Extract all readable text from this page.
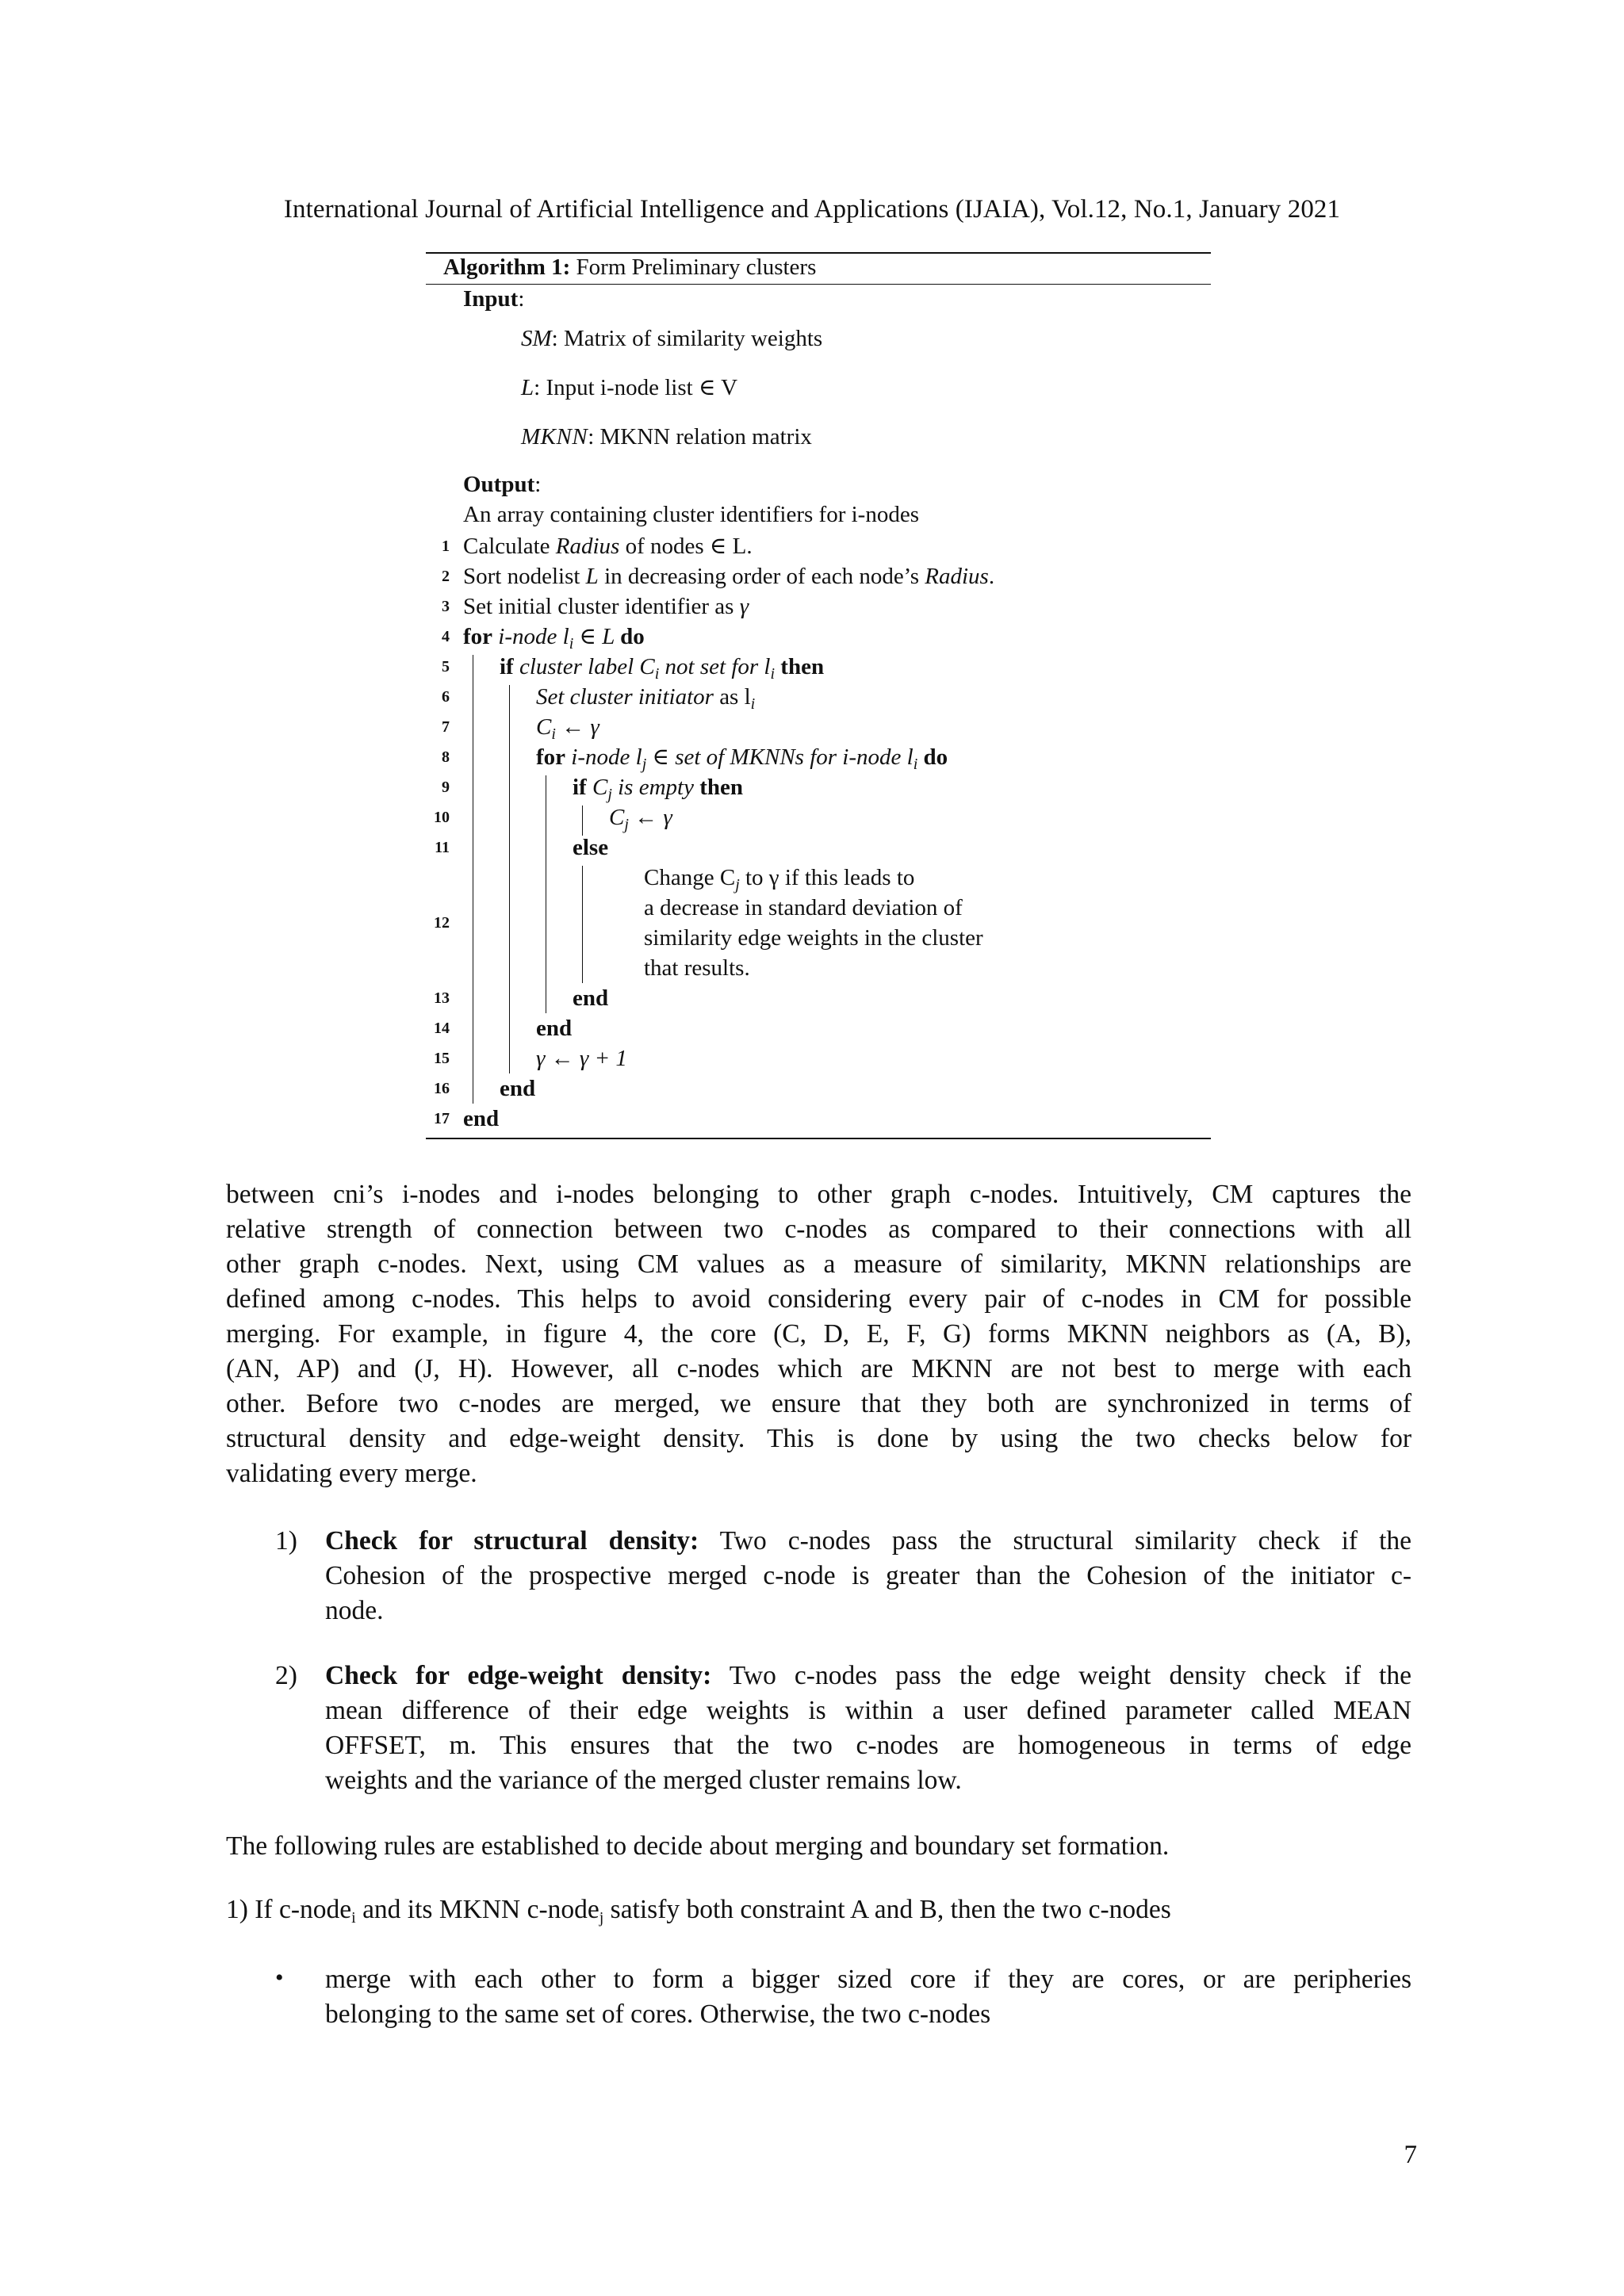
International Journal of Artificial Intelligence and Applications (IJAIA), Vol.12, No.1, January 2021
Algorithm 1: Form Preliminary clusters
Input:
SM: Matrix of similarity weights
L: Input i-node list ∈ V
MKNN: MKNN relation matrix
Output:
An array containing cluster identifiers for i-nodes
1
2
3
4
5
6
7
8
9
10
11
12
13
14
15
16
17
Calculate Radius of nodes ∈ L.
Sort nodelist L in decreasing order of each node’s Radius.
Set initial cluster identifier as γ
for i-node $l_i$ ∈ L do
if cluster label $C_i$ not set for $l_i$ then
Set cluster initiator as $l_i$
$C_i$ ← γ
for i-node $l_j$ ∈ set of MKNNs for i-node $l_i$ do
if $C_j$ is empty then
$C_j$ ← γ
else
Change $C_j$ to γ if this leads to
a decrease in standard deviation of
similarity edge weights in the cluster
that results.
end
end
γ ← γ + 1
end
end
between cni’s i-nodes and i-nodes belonging to other graph c-nodes. Intuitively, CM captures the
relative strength of connection between two c-nodes as compared to their connections with all
other graph c-nodes. Next, using CM values as a measure of similarity, MKNN relationships are
defined among c-nodes. This helps to avoid considering every pair of c-nodes in CM for possible
merging. For example, in figure 4, the core (C, D, E, F, G) forms MKNN neighbors as (A, B),
(AN, AP) and (J, H). However, all c-nodes which are MKNN are not best to merge with each
other. Before two c-nodes are merged, we ensure that they both are synchronized in terms of
structural density and edge-weight density. This is done by using the two checks below for
validating every merge.
1) Check for structural density: Two c-nodes pass the structural similarity check if the
Cohesion of the prospective merged c-node is greater than the Cohesion of the initiator c-
node.
2) Check for edge-weight density: Two c-nodes pass the edge weight density check if the
mean difference of their edge weights is within a user defined parameter called MEAN
OFFSET, m. This ensures that the two c-nodes are homogeneous in terms of edge
weights and the variance of the merged cluster remains low.
The following rules are established to decide about merging and boundary set formation.
1) If c-node$_i$ and its MKNN c-node$_j$ satisfy both constraint A and B, then the two c-nodes
• merge with each other to form a bigger sized core if they are cores, or are peripheries
belonging to the same set of cores. Otherwise, the two c-nodes
7
